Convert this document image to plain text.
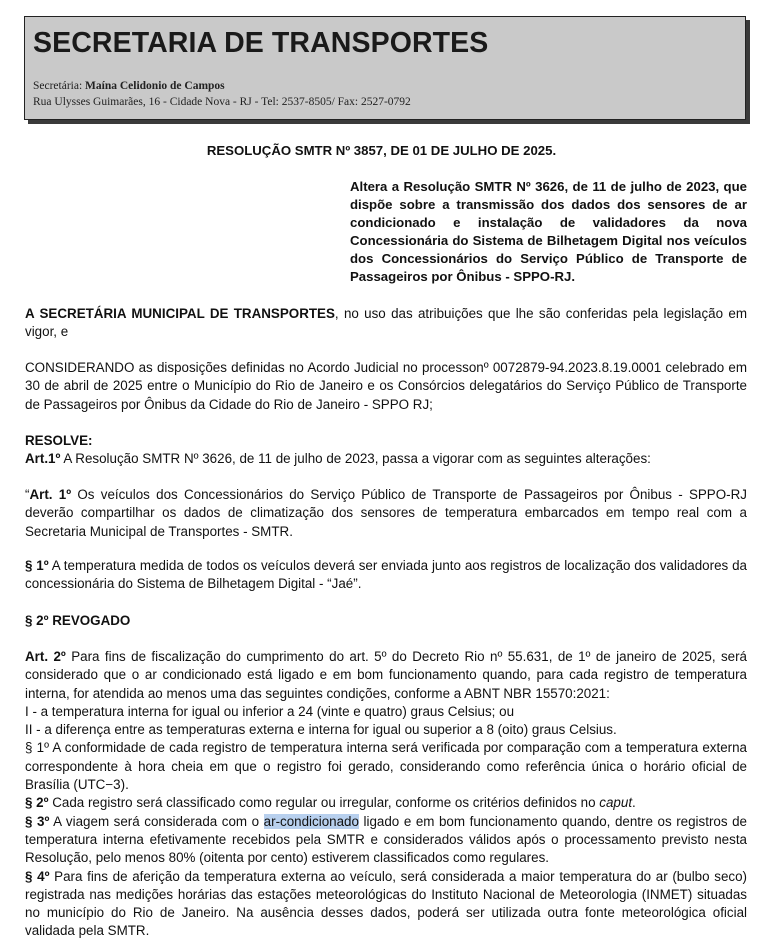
SECRETARIA DE TRANSPORTES
Secretária: Maína Celidonio de Campos
Rua Ulysses Guimarães, 16 - Cidade Nova - RJ - Tel: 2537-8505/ Fax: 2527-0792
RESOLUÇÃO SMTR Nº 3857, DE 01 DE JULHO DE 2025.
Altera a Resolução SMTR Nº 3626, de 11 de julho de 2023, que dispõe sobre a transmissão dos dados dos sensores de ar condicionado e instalação de validadores da nova Concessionária do Sistema de Bilhetagem Digital nos veículos dos Concessionários do Serviço Público de Transporte de Passageiros por Ônibus - SPPO-RJ.
A SECRETÁRIA MUNICIPAL DE TRANSPORTES, no uso das atribuições que lhe são conferidas pela legislação em vigor, e
CONSIDERANDO as disposições definidas no Acordo Judicial no processonº 0072879-94.2023.8.19.0001 celebrado em 30 de abril de 2025 entre o Município do Rio de Janeiro e os Consórcios delegatários do Serviço Público de Transporte de Passageiros por Ônibus da Cidade do Rio de Janeiro - SPPO RJ;
RESOLVE:
Art.1º A Resolução SMTR Nº 3626, de 11 de julho de 2023, passa a vigorar com as seguintes alterações:
“Art. 1º Os veículos dos Concessionários do Serviço Público de Transporte de Passageiros por Ônibus - SPPO-RJ deverão compartilhar os dados de climatização dos sensores de temperatura embarcados em tempo real com a Secretaria Municipal de Transportes - SMTR.
§ 1º A temperatura medida de todos os veículos deverá ser enviada junto aos registros de localização dos validadores da concessionária do Sistema de Bilhetagem Digital - “Jaé”.
§ 2º REVOGADO
Art. 2º Para fins de fiscalização do cumprimento do art. 5º do Decreto Rio nº 55.631, de 1º de janeiro de 2025, será considerado que o ar condicionado está ligado e em bom funcionamento quando, para cada registro de temperatura interna, for atendida ao menos uma das seguintes condições, conforme a ABNT NBR 15570:2021:
I - a temperatura interna for igual ou inferior a 24 (vinte e quatro) graus Celsius; ou
II - a diferença entre as temperaturas externa e interna for igual ou superior a 8 (oito) graus Celsius.
§ 1º A conformidade de cada registro de temperatura interna será verificada por comparação com a temperatura externa correspondente à hora cheia em que o registro foi gerado, considerando como referência única o horário oficial de Brasília (UTC−3).
§ 2º Cada registro será classificado como regular ou irregular, conforme os critérios definidos no caput.
§ 3º A viagem será considerada com o ar-condicionado ligado e em bom funcionamento quando, dentre os registros de temperatura interna efetivamente recebidos pela SMTR e considerados válidos após o processamento previsto nesta Resolução, pelo menos 80% (oitenta por cento) estiverem classificados como regulares.
§ 4º Para fins de aferição da temperatura externa ao veículo, será considerada a maior temperatura do ar (bulbo seco) registrada nas medições horárias das estações meteorológicas do Instituto Nacional de Meteorologia (INMET) situadas no município do Rio de Janeiro. Na ausência desses dados, poderá ser utilizada outra fonte meteorológica oficial validada pela SMTR.
